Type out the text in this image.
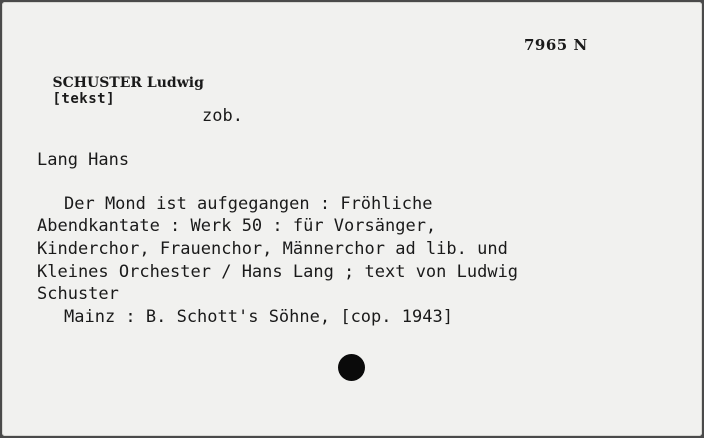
7965 N

SCHUSTER Ludwig
[tekst]

zob.
Lang Hans
Der Mond ist aufgegangen : Fröhliche
Abendkantate : Werk 50 : für Vorsänger,
Kinderchor, Frauenchor, Männerchor ad lib. und
Kleines Orchester / Hans Lang ; text von Ludwig
Schuster
Mainz : B. Schott's Söhne, [cop. 1943]
